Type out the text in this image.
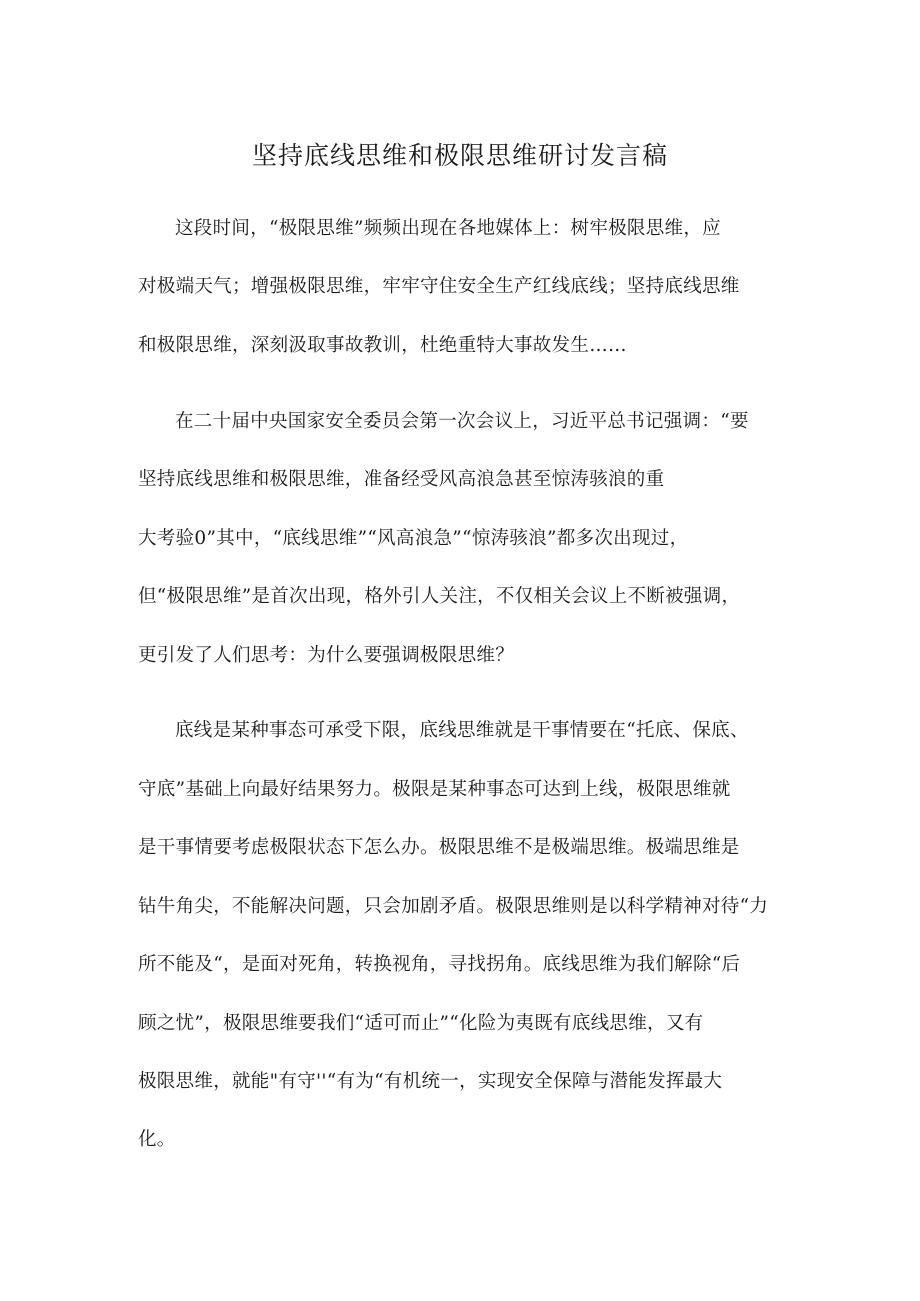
坚持底线思维和极限思维研讨发言稿
这段时间，“极限思维”频频出现在各地媒体上：树牢极限思维，应
对极端天气；增强极限思维，牢牢守住安全生产红线底线；坚持底线思维
和极限思维，深刻汲取事故教训，杜绝重特大事故发生……
在二十届中央国家安全委员会第一次会议上，习近平总书记强调：“要
坚持底线思维和极限思维，准备经受风高浪急甚至惊涛骇浪的重
大考验0”其中，“底线思维”“风高浪急”“惊涛骇浪”都多次出现过，
但“极限思维”是首次出现，格外引人关注，不仅相关会议上不断被强调，
更引发了人们思考：为什么要强调极限思维？
底线是某种事态可承受下限，底线思维就是干事情要在“托底、保底、
守底”基础上向最好结果努力。极限是某种事态可达到上线，极限思维就
是干事情要考虑极限状态下怎么办。极限思维不是极端思维。极端思维是
钻牛角尖，不能解决问题，只会加剧矛盾。极限思维则是以科学精神对待“力
所不能及“，是面对死角，转换视角，寻找拐角。底线思维为我们解除“后
顾之忧”，极限思维要我们“适可而止”“化险为夷既有底线思维，又有
极限思维，就能"有守''“有为“有机统一，实现安全保障与潜能发挥最大
化。
